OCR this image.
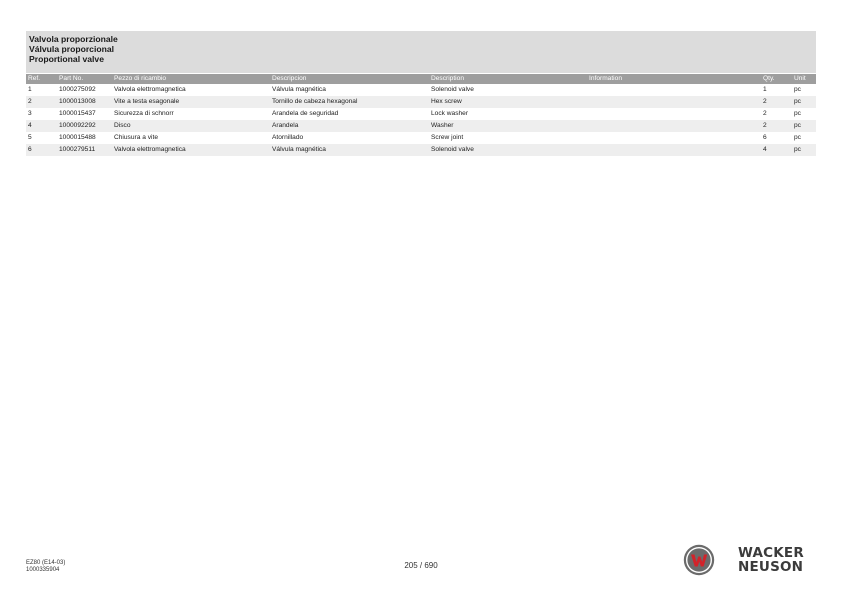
Valvola proporzionale
Válvula proporcional
Proportional valve
Ref.	Part No.	Pezzo di ricambio	Descripcion	Description	Information	Qty.	Unit
1	1000275092	Valvola elettromagnetica	Válvula magnética	Solenoid valve		1	pc
2	1000013008	Vite a testa esagonale	Tornillo de cabeza hexagonal	Hex screw		2	pc
3	1000015437	Sicurezza di schnorr	Arandela de seguridad	Lock washer		2	pc
4	1000092292	Disco	Arandela	Washer		2	pc
5	1000015488	Chiusura a vite	Atornillado	Screw joint		6	pc
6	1000279511	Valvola elettromagnetica	Válvula magnética	Solenoid valve		4	pc
EZ80 (E14-03)
1000335904	205 / 690
WACKER
NEUSON
